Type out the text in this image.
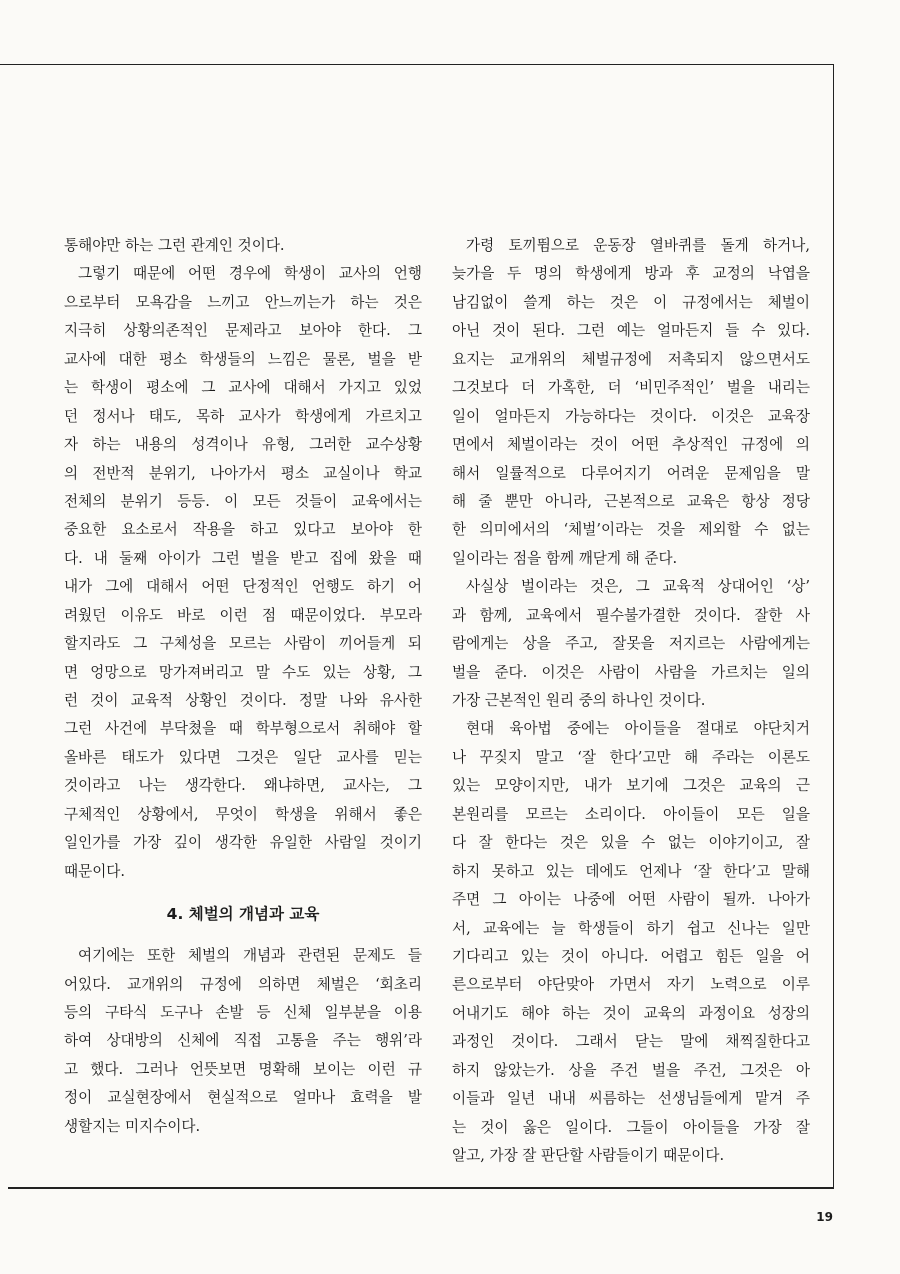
통해야만 하는 그런 관계인 것이다.
그렇기 때문에 어떤 경우에 학생이 교사의 언행
으로부터 모욕감을 느끼고 안느끼는가 하는 것은
지극히 상황의존적인 문제라고 보아야 한다. 그
교사에 대한 평소 학생들의 느낌은 물론, 벌을 받
는 학생이 평소에 그 교사에 대해서 가지고 있었
던 정서나 태도, 목하 교사가 학생에게 가르치고
자 하는 내용의 성격이나 유형, 그러한 교수상황
의 전반적 분위기, 나아가서 평소 교실이나 학교
전체의 분위기 등등. 이 모든 것들이 교육에서는
중요한 요소로서 작용을 하고 있다고 보아야 한
다. 내 둘째 아이가 그런 벌을 받고 집에 왔을 때
내가 그에 대해서 어떤 단정적인 언행도 하기 어
려웠던 이유도 바로 이런 점 때문이었다. 부모라
할지라도 그 구체성을 모르는 사람이 끼어들게 되
면 엉망으로 망가져버리고 말 수도 있는 상황, 그
런 것이 교육적 상황인 것이다. 정말 나와 유사한
그런 사건에 부닥쳤을 때 학부형으로서 취해야 할
올바른 태도가 있다면 그것은 일단 교사를 믿는
것이라고 나는 생각한다. 왜냐하면, 교사는, 그
구체적인 상황에서, 무엇이 학생을 위해서 좋은
일인가를 가장 깊이 생각한 유일한 사람일 것이기
때문이다.
4. 체벌의 개념과 교육
여기에는 또한 체벌의 개념과 관련된 문제도 들
어있다. 교개위의 규정에 의하면 체벌은 ‘회초리
등의 구타식 도구나 손발 등 신체 일부분을 이용
하여 상대방의 신체에 직접 고통을 주는 행위’라
고 했다. 그러나 언뜻보면 명확해 보이는 이런 규
정이 교실현장에서 현실적으로 얼마나 효력을 발
생할지는 미지수이다.
가령 토끼뜀으로 운동장 열바퀴를 돌게 하거나,
늦가을 두 명의 학생에게 방과 후 교정의 낙엽을
남김없이 쓸게 하는 것은 이 규정에서는 체벌이
아닌 것이 된다. 그런 예는 얼마든지 들 수 있다.
요지는 교개위의 체벌규정에 저촉되지 않으면서도
그것보다 더 가혹한, 더 ‘비민주적인’ 벌을 내리는
일이 얼마든지 가능하다는 것이다. 이것은 교육장
면에서 체벌이라는 것이 어떤 추상적인 규정에 의
해서 일률적으로 다루어지기 어려운 문제임을 말
해 줄 뿐만 아니라, 근본적으로 교육은 항상 정당
한 의미에서의 ‘체벌’이라는 것을 제외할 수 없는
일이라는 점을 함께 깨닫게 해 준다.
사실상 벌이라는 것은, 그 교육적 상대어인 ‘상’
과 함께, 교육에서 필수불가결한 것이다. 잘한 사
람에게는 상을 주고, 잘못을 저지르는 사람에게는
벌을 준다. 이것은 사람이 사람을 가르치는 일의
가장 근본적인 원리 중의 하나인 것이다.
현대 육아법 중에는 아이들을 절대로 야단치거
나 꾸짖지 말고 ‘잘 한다’고만 해 주라는 이론도
있는 모양이지만, 내가 보기에 그것은 교육의 근
본원리를 모르는 소리이다. 아이들이 모든 일을
다 잘 한다는 것은 있을 수 없는 이야기이고, 잘
하지 못하고 있는 데에도 언제나 ‘잘 한다’고 말해
주면 그 아이는 나중에 어떤 사람이 될까. 나아가
서, 교육에는 늘 학생들이 하기 쉽고 신나는 일만
기다리고 있는 것이 아니다. 어렵고 힘든 일을 어
른으로부터 야단맞아 가면서 자기 노력으로 이루
어내기도 해야 하는 것이 교육의 과정이요 성장의
과정인 것이다. 그래서 닫는 말에 채찍질한다고
하지 않았는가. 상을 주건 벌을 주건, 그것은 아
이들과 일년 내내 씨름하는 선생님들에게 맡겨 주
는 것이 옳은 일이다. 그들이 아이들을 가장 잘
알고, 가장 잘 판단할 사람들이기 때문이다.
19
